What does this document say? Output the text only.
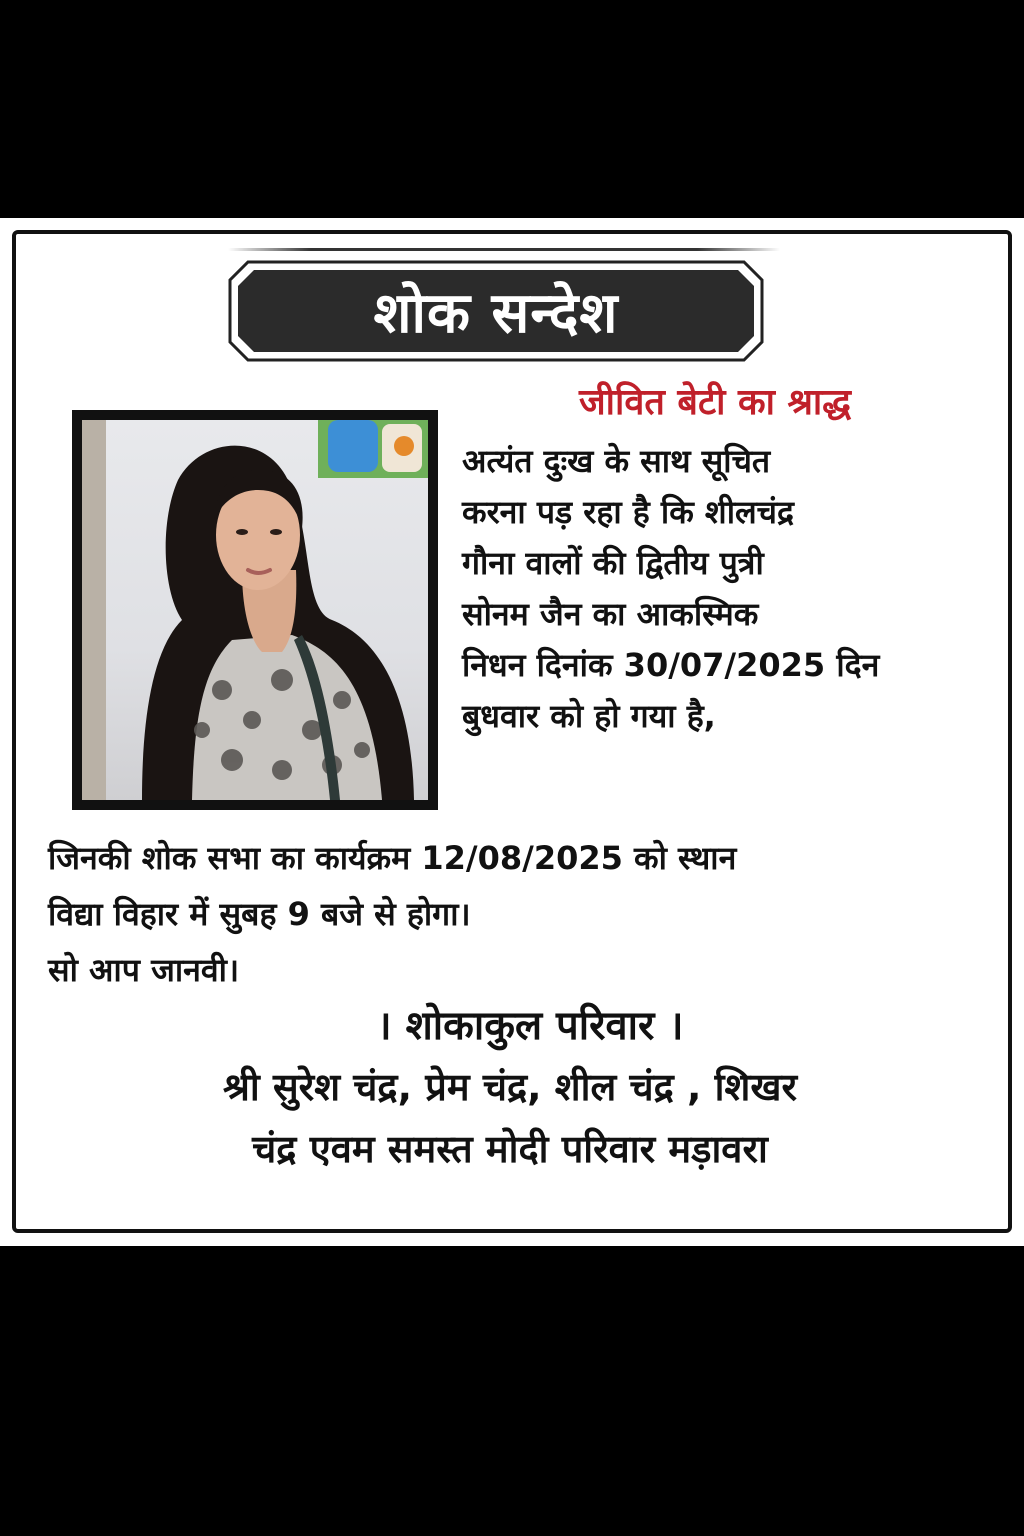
शोक सन्देश
जीवित बेटी का श्राद्ध
अत्यंत दुःख के साथ सूचित
करना पड़ रहा है कि शीलचंद्र
गौना वालों की द्वितीय पुत्री
सोनम जैन का आकस्मिक
निधन दिनांक 30/07/2025 दिन
बुधवार को हो गया है,
जिनकी शोक सभा का कार्यक्रम 12/08/2025 को स्थान
विद्या विहार में सुबह 9 बजे से होगा।
सो आप जानवी।
। शोकाकुल परिवार ।
श्री सुरेश चंद्र, प्रेम चंद्र, शील चंद्र , शिखर
चंद्र एवम समस्त मोदी परिवार मड़ावरा
